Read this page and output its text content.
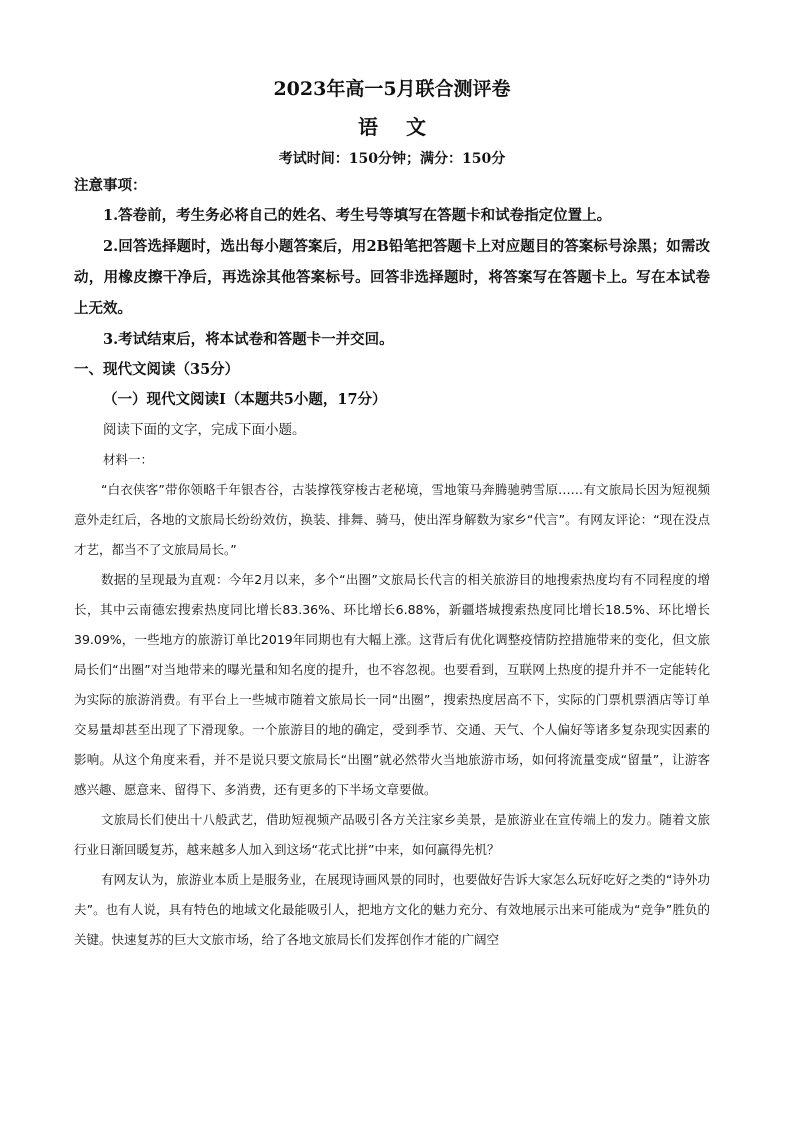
2023年高一5月联合测评卷
语文
考试时间：150分钟；满分：150分
注意事项：

1.答卷前，考生务必将自己的姓名、考生号等填写在答题卡和试卷指定位置上。

2.回答选择题时，选出每小题答案后，用2B铅笔把答题卡上对应题目的答案标号涂黑；如需改动，用橡皮擦干净后，再选涂其他答案标号。回答非选择题时，将答案写在答题卡上。写在本试卷上无效。

3.考试结束后，将本试卷和答题卡一并交回。

一、现代文阅读（35分）
（一）现代文阅读Ⅰ（本题共5小题，17分）
阅读下面的文字，完成下面小题。
材料一：

“白衣侠客”带你领略千年银杏谷，古装撑筏穿梭古老秘境，雪地策马奔腾驰骋雪原……有文旅局长因为短视频意外走红后，各地的文旅局长纷纷效仿，换装、排舞、骑马，使出浑身解数为家乡“代言”。有网友评论：“现在没点才艺，都当不了文旅局局长。”

数据的呈现最为直观：今年2月以来，多个“出圈”文旅局长代言的相关旅游目的地搜索热度均有不同程度的增长，其中云南德宏搜索热度同比增长83.36%、环比增长6.88%，新疆塔城搜索热度同比增长18.5%、环比增长39.09%，一些地方的旅游订单比2019年同期也有大幅上涨。这背后有优化调整疫情防控措施带来的变化，但文旅局长们“出圈”对当地带来的曝光量和知名度的提升，也不容忽视。也要看到，互联网上热度的提升并不一定能转化为实际的旅游消费。有平台上一些城市随着文旅局长一同“出圈”，搜索热度居高不下，实际的门票机票酒店等订单交易量却甚至出现了下滑现象。一个旅游目的地的确定，受到季节、交通、天气、个人偏好等诸多复杂现实因素的影响。从这个角度来看，并不是说只要文旅局长“出圈”就必然带火当地旅游市场，如何将流量变成“留量”，让游客感兴趣、愿意来、留得下、多消费，还有更多的下半场文章要做。

文旅局长们使出十八般武艺，借助短视频产品吸引各方关注家乡美景，是旅游业在宣传端上的发力。随着文旅行业日渐回暖复苏，越来越多人加入到这场“花式比拼”中来，如何赢得先机？

有网友认为，旅游业本质上是服务业，在展现诗画风景的同时，也要做好告诉大家怎么玩好吃好之类的“诗外功夫”。也有人说，具有特色的地域文化最能吸引人，把地方文化的魅力充分、有效地展示出来可能成为“竞争”胜负的关键。快速复苏的巨大文旅市场，给了各地文旅局长们发挥创作才能的广阔空
